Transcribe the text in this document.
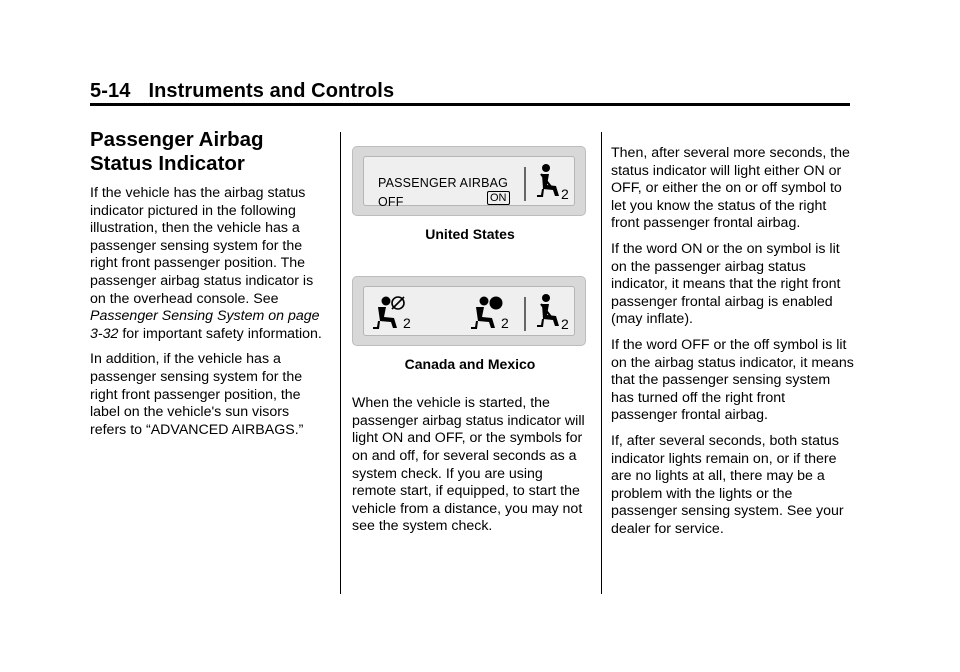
5-14 Instruments and Controls
Passenger Airbag Status Indicator

If the vehicle has the airbag status indicator pictured in the following illustration, then the vehicle has a passenger sensing system for the right front passenger position. The passenger airbag status indicator is on the overhead console. See
Passenger Sensing System on page 3-32 for important safety information.

In addition, if the vehicle has a passenger sensing system for the right front passenger position, the label on the vehicle's sun visors refers to “ADVANCED AIRBAGS.”

PASSENGER AIRBAG
OFF	ON	2
United States
2	2	2
Canada and Mexico

When the vehicle is started, the passenger airbag status indicator will light ON and OFF, or the symbols for on and off, for several seconds as a system check. If you are using remote start, if equipped, to start the vehicle from a distance, you may not see the system check.

Then, after several more seconds, the status indicator will light either ON or OFF, or either the on or off symbol to let you know the status of the right front passenger frontal airbag.

If the word ON or the on symbol is lit on the passenger airbag status indicator, it means that the right front passenger frontal airbag is enabled (may inflate).

If the word OFF or the off symbol is lit on the airbag status indicator, it means that the passenger sensing system has turned off the right front passenger frontal airbag.

If, after several seconds, both status indicator lights remain on, or if there are no lights at all, there may be a problem with the lights or the passenger sensing system. See your dealer for service.
